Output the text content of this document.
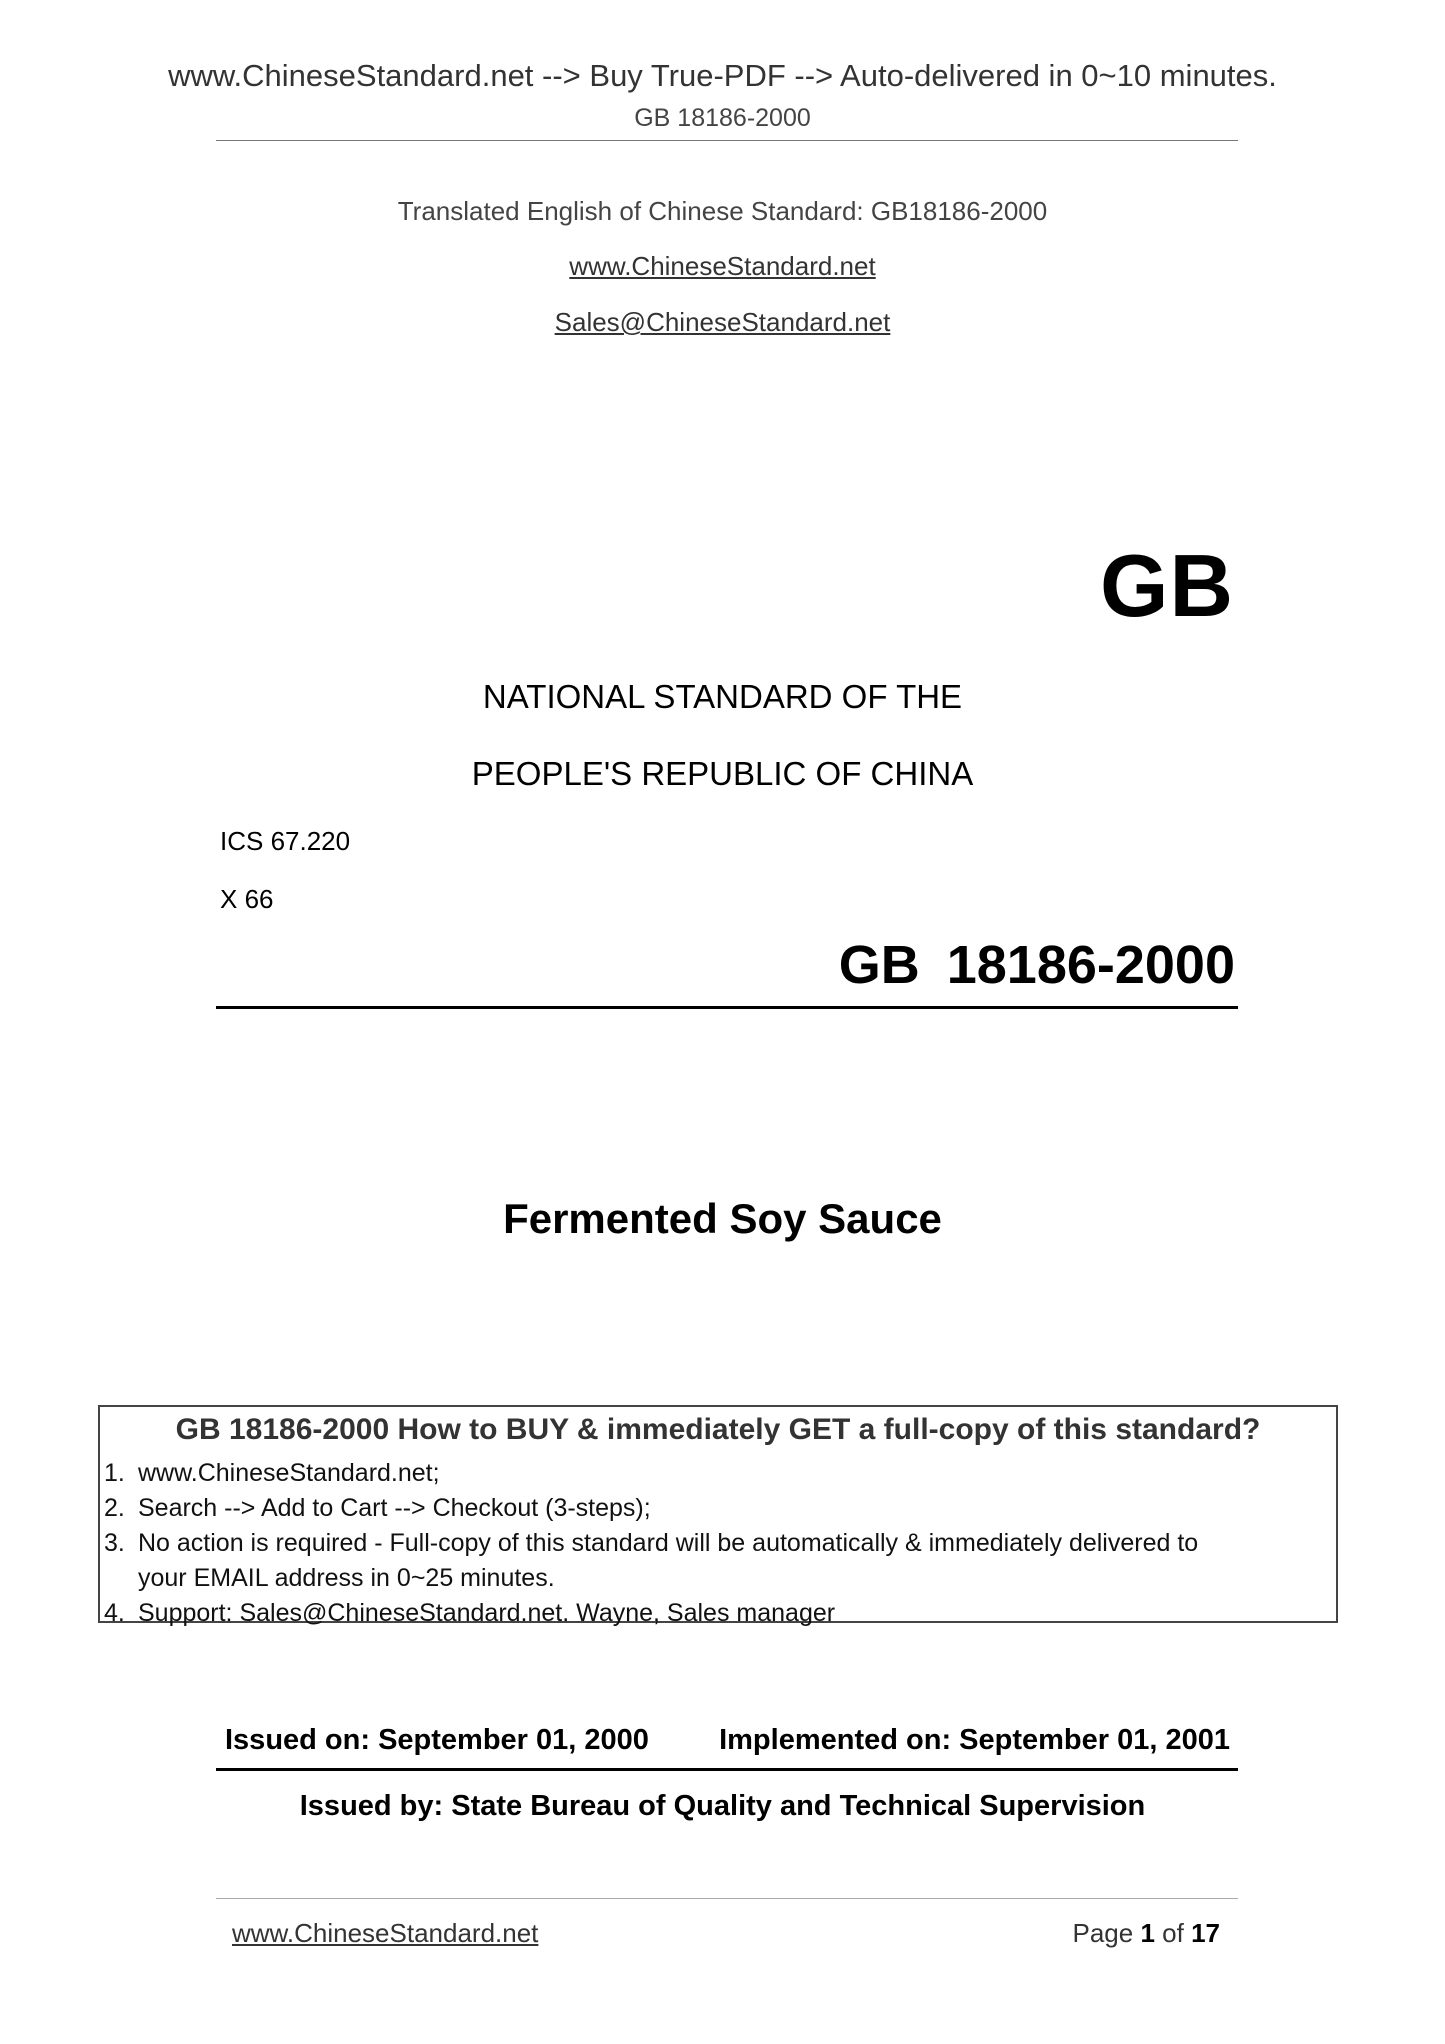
www.ChineseStandard.net --> Buy True-PDF --> Auto-delivered in 0~10 minutes.
GB 18186-2000
Translated English of Chinese Standard: GB18186-2000
www.ChineseStandard.net
Sales@ChineseStandard.net
GB
NATIONAL STANDARD OF THE
PEOPLE'S REPUBLIC OF CHINA
ICS 67.220
X 66
GB 18186-2000
Fermented Soy Sauce
GB 18186-2000 How to BUY & immediately GET a full-copy of this standard?
1. www.ChineseStandard.net;
2. Search --> Add to Cart --> Checkout (3-steps);
3. No action is required - Full-copy of this standard will be automatically & immediately delivered to
your EMAIL address in 0~25 minutes.
4. Support: Sales@ChineseStandard.net. Wayne, Sales manager
Issued on: September 01, 2000 Implemented on: September 01, 2001
Issued by: State Bureau of Quality and Technical Supervision
www.ChineseStandard.net	Page 1 of 17
